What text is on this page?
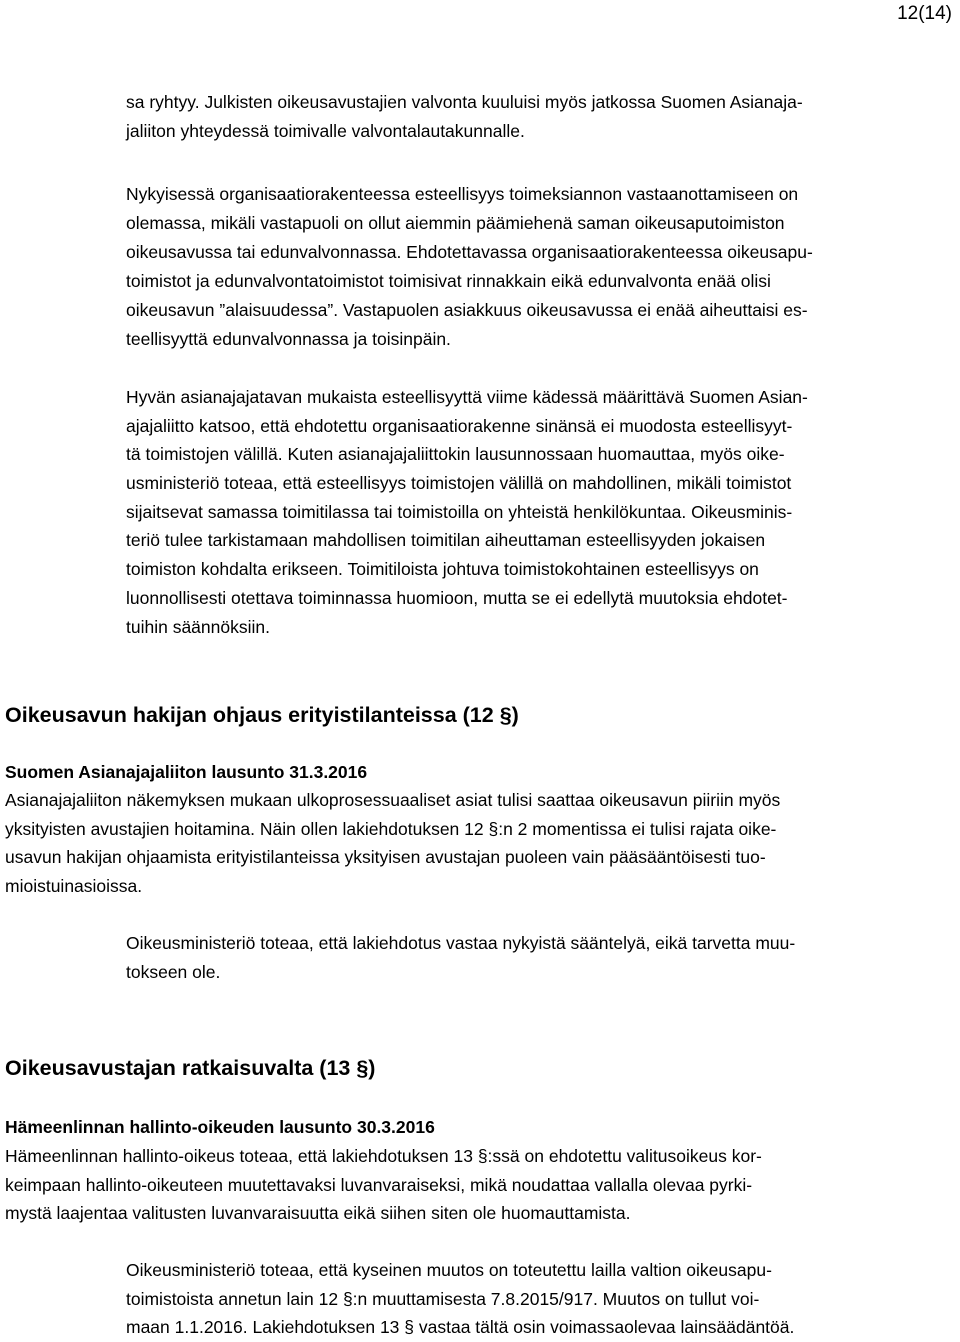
12(14)
sa ryhtyy. Julkisten oikeusavustajien valvonta kuuluisi myös jatkossa Suomen Asianaja-
jaliiton yhteydessä toimivalle valvontalautakunnalle.
Nykyisessä organisaatiorakenteessa esteellisyys toimeksiannon vastaanottamiseen on
olemassa, mikäli vastapuoli on ollut aiemmin päämiehenä saman oikeusaputoimiston
oikeusavussa tai edunvalvonnassa. Ehdotettavassa organisaatiorakenteessa oikeusapu-
toimistot ja edunvalvontatoimistot toimisivat rinnakkain eikä edunvalvonta enää olisi
oikeusavun ”alaisuudessa”. Vastapuolen asiakkuus oikeusavussa ei enää aiheuttaisi es-
teellisyyttä edunvalvonnassa ja toisinpäin.
Hyvän asianajajatavan mukaista esteellisyyttä viime kädessä määrittävä Suomen Asian-
ajajaliitto katsoo, että ehdotettu organisaatiorakenne sinänsä ei muodosta esteellisyyt-
tä toimistojen välillä. Kuten asianajajaliittokin lausunnossaan huomauttaa, myös oike-
usministeriö toteaa, että esteellisyys toimistojen välillä on mahdollinen, mikäli toimistot
sijaitsevat samassa toimitilassa tai toimistoilla on yhteistä henkilökuntaa. Oikeusminis-
teriö tulee tarkistamaan mahdollisen toimitilan aiheuttaman esteellisyyden jokaisen
toimiston kohdalta erikseen. Toimitiloista johtuva toimistokohtainen esteellisyys on
luonnollisesti otettava toiminnassa huomioon, mutta se ei edellytä muutoksia ehdotet-
tuihin säännöksiin.
Oikeusavun hakijan ohjaus erityistilanteissa (12 §)
Suomen Asianajajaliiton lausunto 31.3.2016
Asianajajaliiton näkemyksen mukaan ulkoprosessuaaliset asiat tulisi saattaa oikeusavun piiriin myös
yksityisten avustajien hoitamina. Näin ollen lakiehdotuksen 12 §:n 2 momentissa ei tulisi rajata oike-
usavun hakijan ohjaamista erityistilanteissa yksityisen avustajan puoleen vain pääsääntöisesti tuo-
mioistuinasioissa.
Oikeusministeriö toteaa, että lakiehdotus vastaa nykyistä sääntelyä, eikä tarvetta muu-
tokseen ole.
Oikeusavustajan ratkaisuvalta (13 §)
Hämeenlinnan hallinto-oikeuden lausunto 30.3.2016
Hämeenlinnan hallinto-oikeus toteaa, että lakiehdotuksen 13 §:ssä on ehdotettu valitusoikeus kor-
keimpaan hallinto-oikeuteen muutettavaksi luvanvaraiseksi, mikä noudattaa vallalla olevaa pyrki-
mystä laajentaa valitusten luvanvaraisuutta eikä siihen siten ole huomauttamista.
Oikeusministeriö toteaa, että kyseinen muutos on toteutettu laillа valtion oikeusapu-
toimistoista annetun lain 12 §:n muuttamisesta 7.8.2015/917. Muutos on tullut voi-
maan 1.1.2016. Lakiehdotuksen 13 § vastaa tältä osin voimassaolevaa lainsäädäntöä.
